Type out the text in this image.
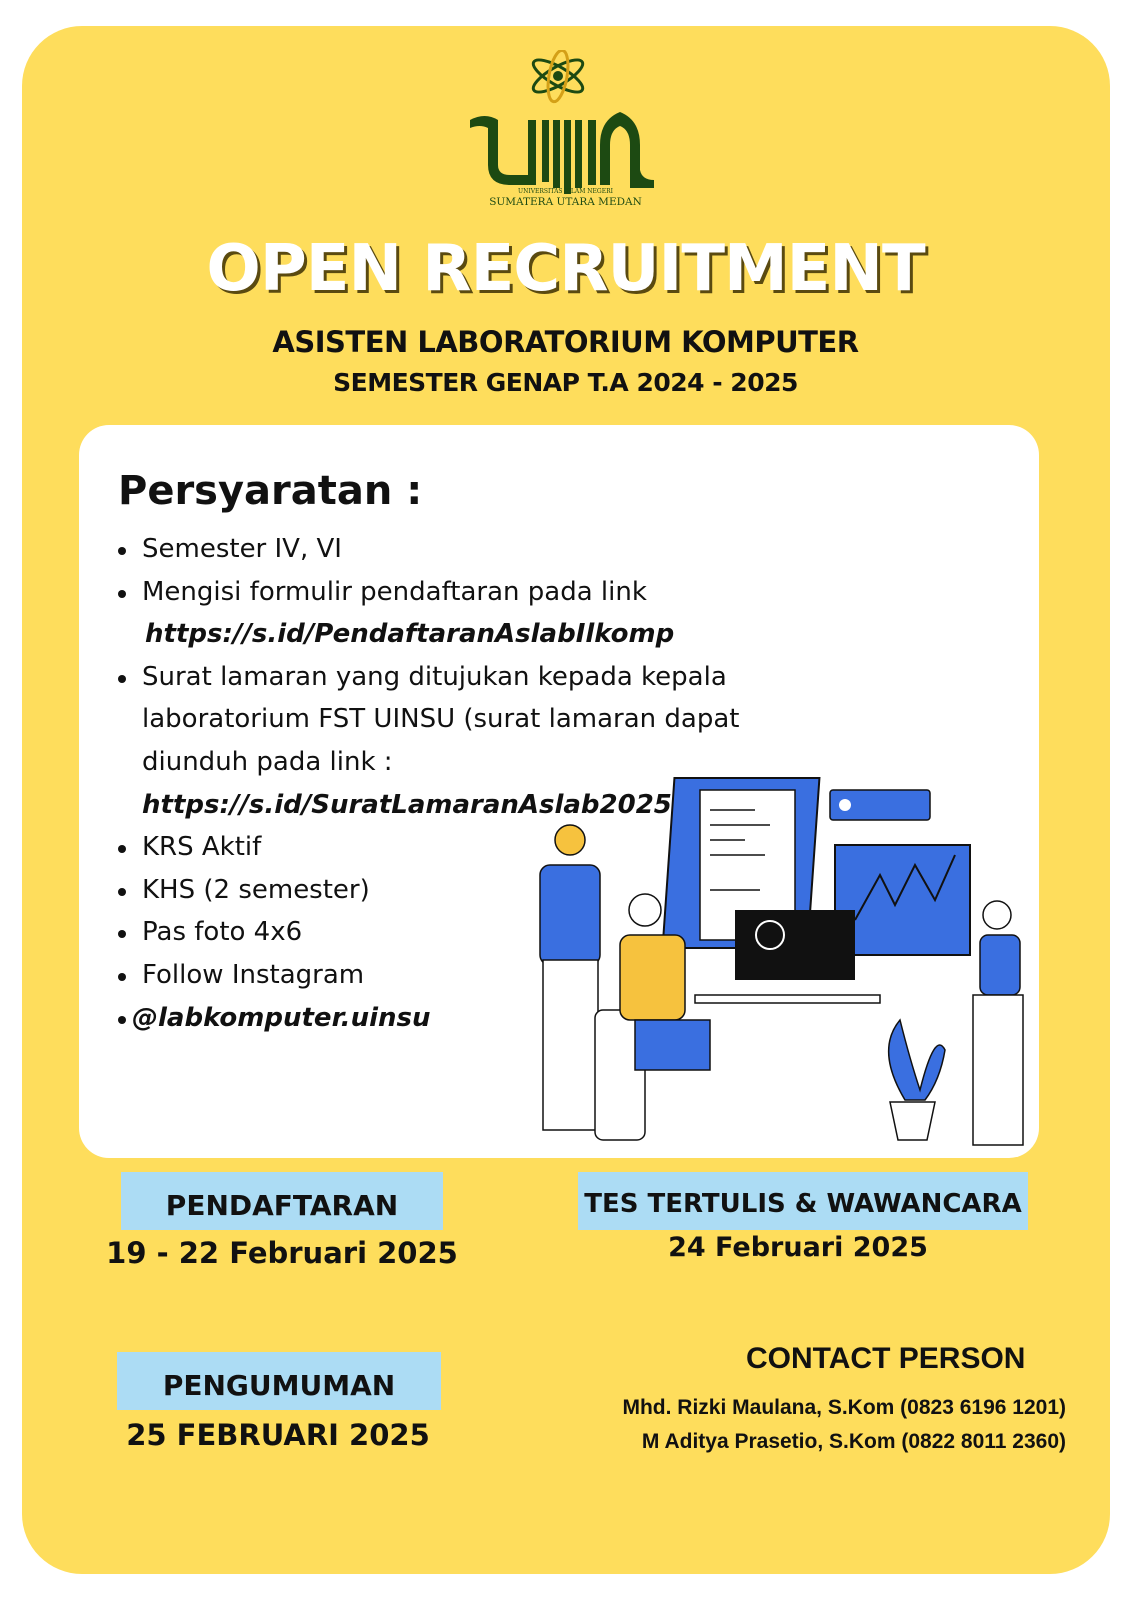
UNIVERSITAS ISLAM NEGERI
SUMATERA UTARA MEDAN
OPEN RECRUITMENT
ASISTEN LABORATORIUM KOMPUTER
SEMESTER GENAP T.A 2024 - 2025
Persyaratan :
Semester IV, VI
Mengisi formulir pendaftaran pada link
https://s.id/PendaftaranAslabIlkomp
Surat lamaran yang ditujukan kepada kepala
laboratorium FST UINSU (surat lamaran dapat
diunduh pada link :
https://s.id/SuratLamaranAslab2025
KRS Aktif
KHS (2 semester)
Pas foto 4x6
Follow Instagram
@labkomputer.uinsu
PENDAFTARAN
19 - 22 Februari 2025
TES TERTULIS & WAWANCARA
24 Februari 2025
PENGUMUMAN
25 FEBRUARI 2025
CONTACT PERSON
Mhd. Rizki Maulana, S.Kom (0823 6196 1201)
M Aditya Prasetio, S.Kom (0822 8011 2360)
